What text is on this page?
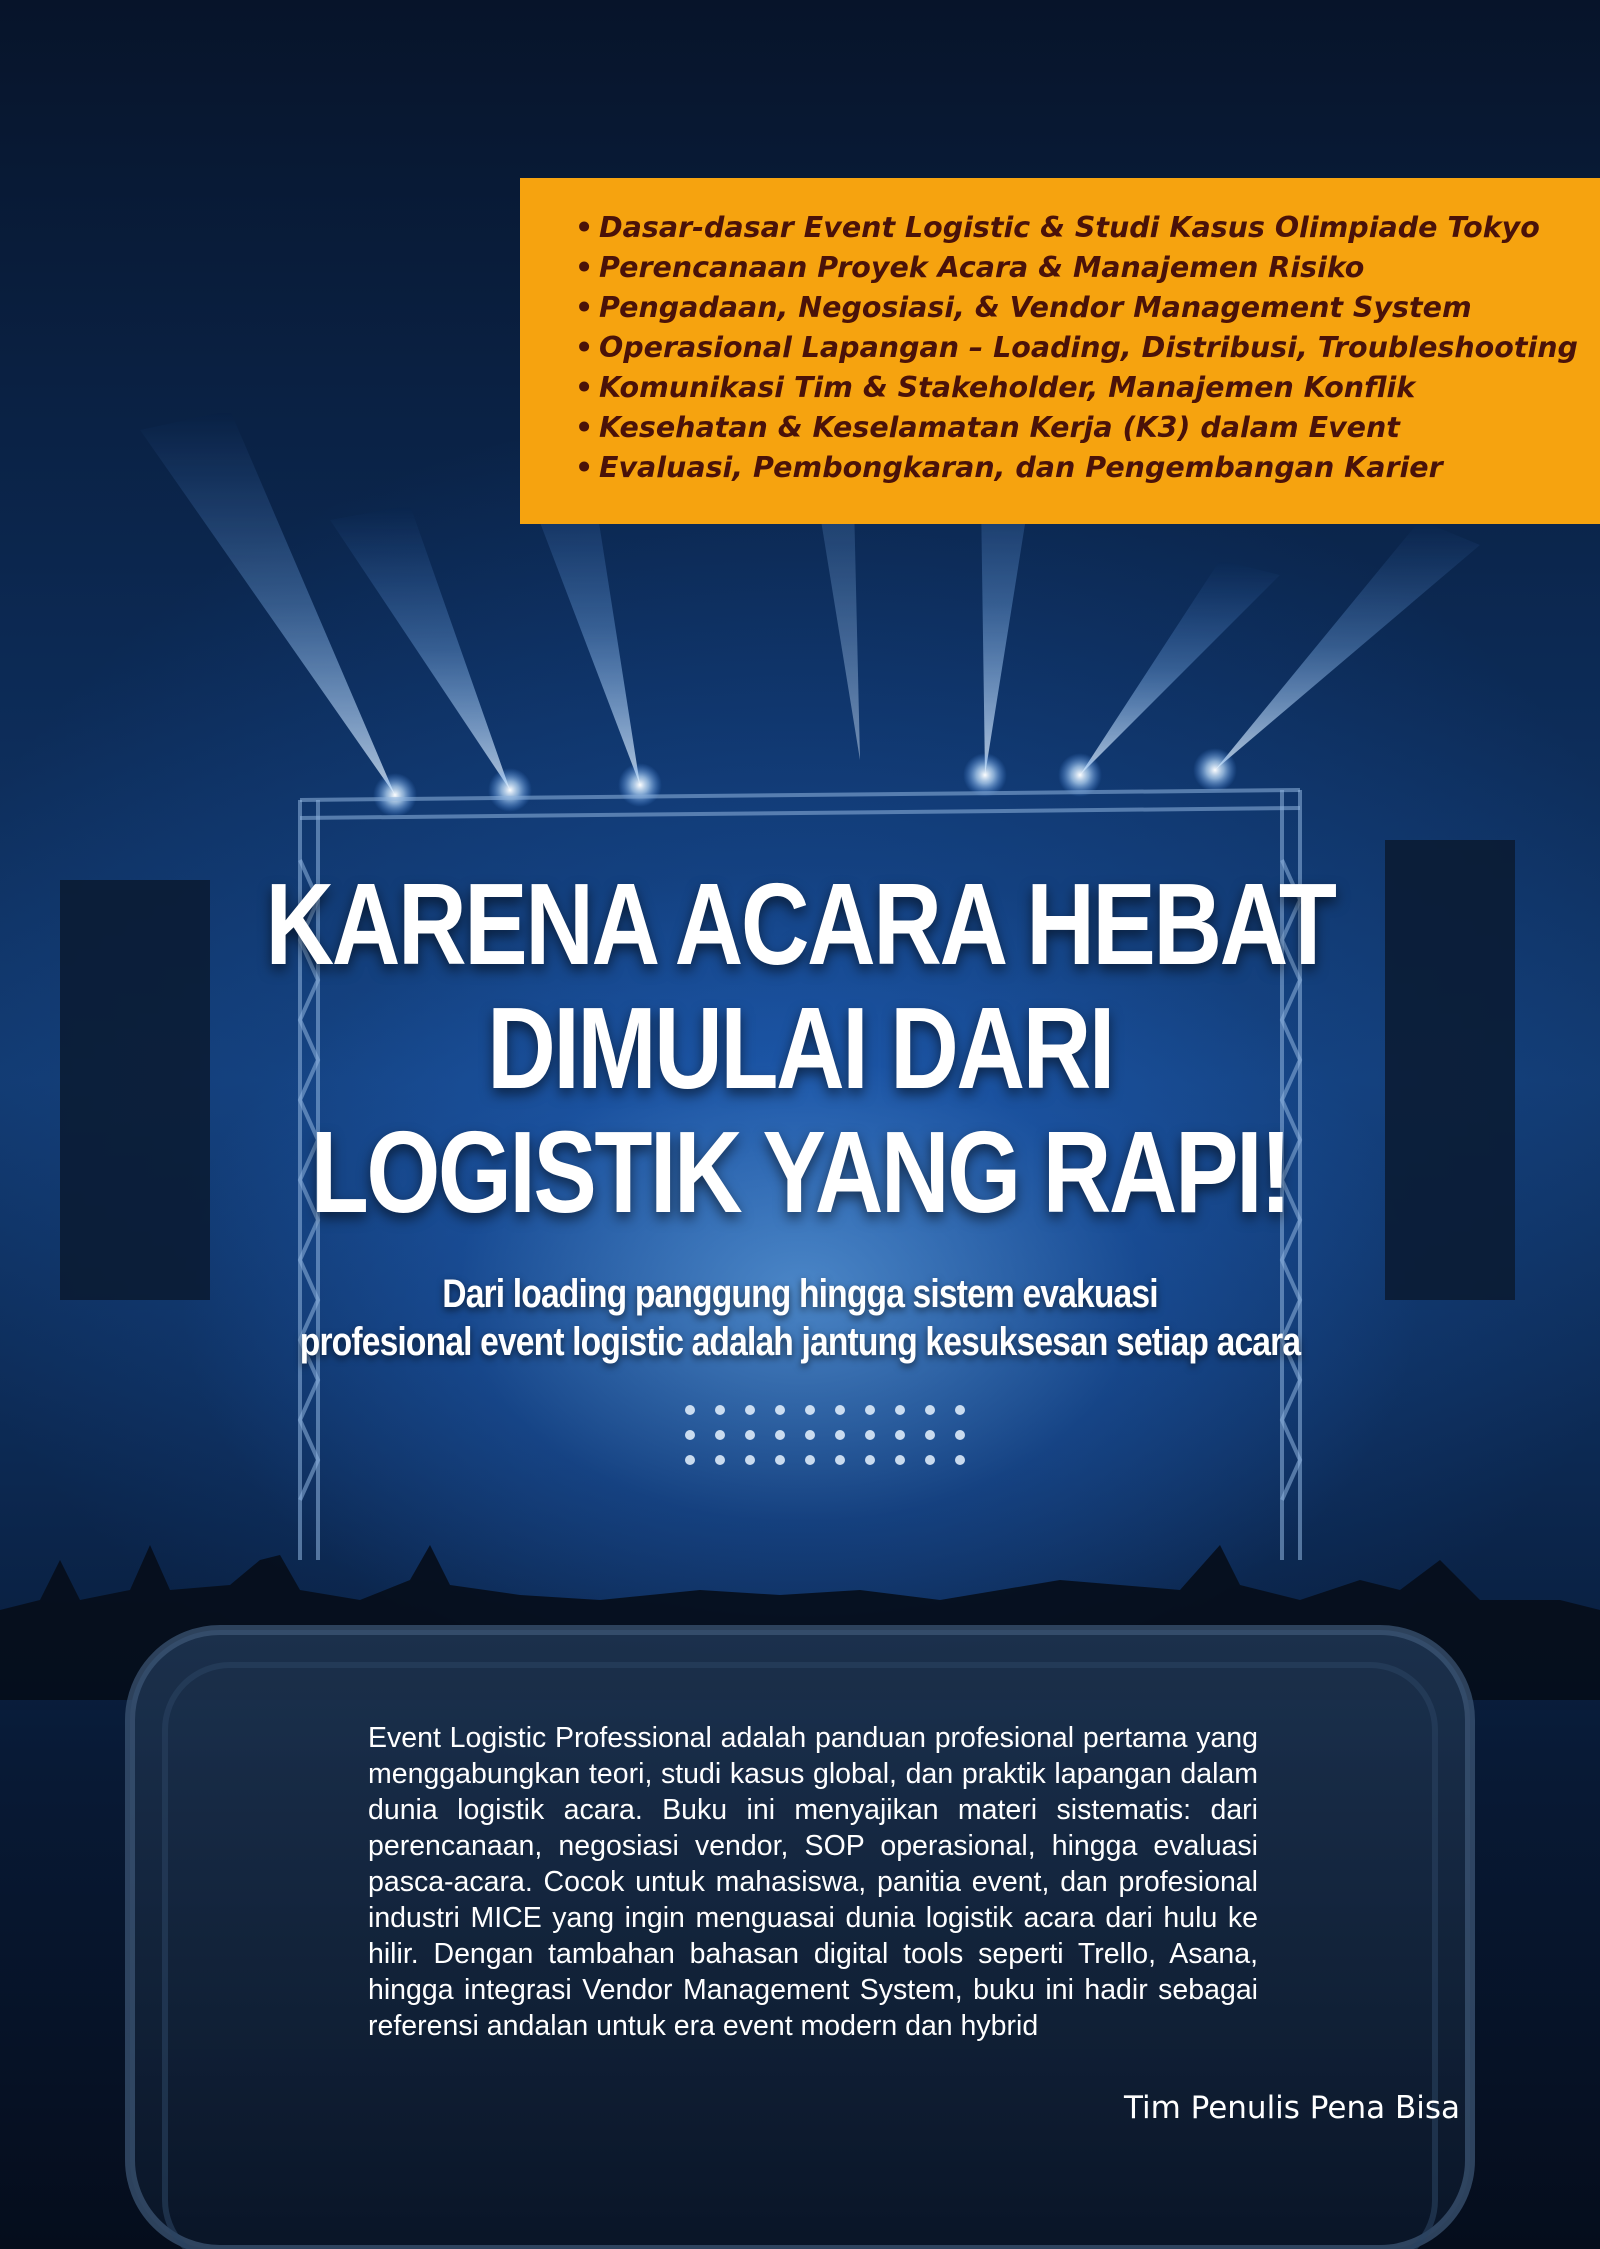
• Dasar-dasar Event Logistic & Studi Kasus Olimpiade Tokyo
• Perencanaan Proyek Acara & Manajemen Risiko
• Pengadaan, Negosiasi, & Vendor Management System
• Operasional Lapangan – Loading, Distribusi, Troubleshooting
• Komunikasi Tim & Stakeholder, Manajemen Konflik
• Kesehatan & Keselamatan Kerja (K3) dalam Event
• Evaluasi, Pembongkaran, dan Pengembangan Karier
KARENA ACARA HEBAT
DIMULAI DARI
LOGISTIK YANG RAPI!
Dari loading panggung hingga sistem evakuasi
profesional event logistic adalah jantung kesuksesan setiap acara

Event Logistic Professional adalah panduan profesional pertama yang menggabungkan teori, studi kasus global, dan praktik lapangan dalam dunia logistik acara. Buku ini menyajikan materi sistematis: dari perencanaan, negosiasi vendor, SOP operasional, hingga evaluasi pasca-acara. Cocok untuk mahasiswa, panitia event, dan profesional industri MICE yang ingin menguasai dunia logistik acara dari hulu ke hilir. Dengan tambahan bahasan digital tools seperti Trello, Asana, hingga integrasi Vendor Management System, buku ini hadir sebagai referensi andalan untuk era event modern dan hybrid

Tim Penulis Pena Bisa
